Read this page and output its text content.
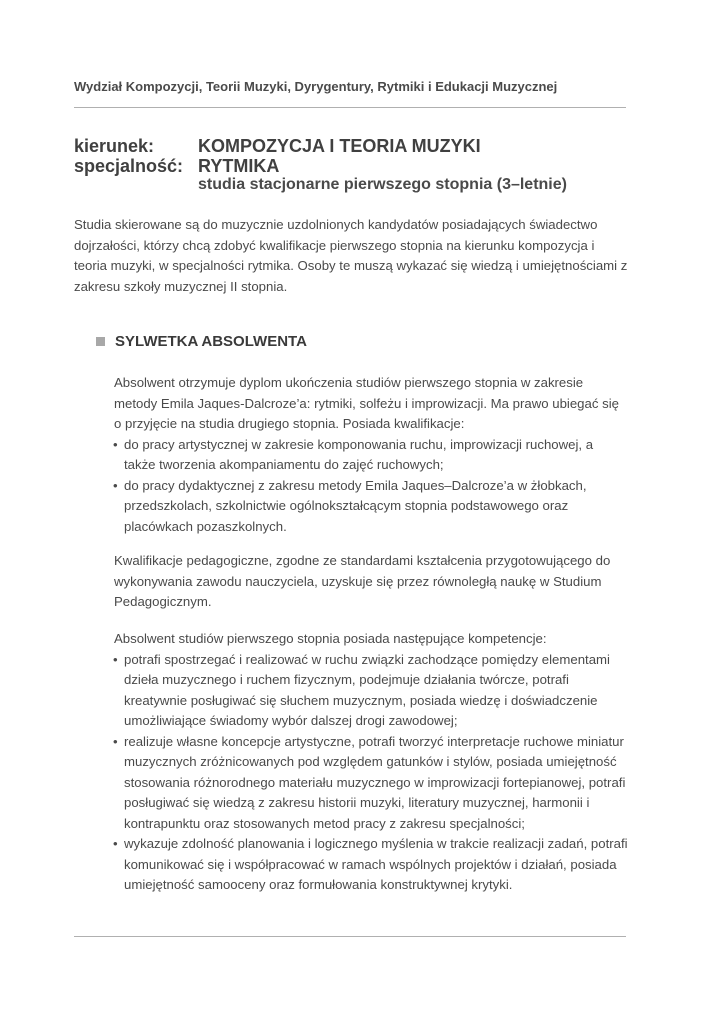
Wydział Kompozycji, Teorii Muzyki, Dyrygentury, Rytmiki i Edukacji Muzycznej
kierunek: KOMPOZYCJA I TEORIA MUZYKI
specjalność: RYTMIKA
studia stacjonarne pierwszego stopnia (3–letnie)
Studia skierowane są do muzycznie uzdolnionych kandydatów posiadających świadectwo dojrzałości, którzy chcą zdobyć kwalifikacje pierwszego stopnia na kierunku kompozycja i teoria muzyki, w specjalności rytmika. Osoby te muszą wykazać się wiedzą i umiejętnościami z zakresu szkoły muzycznej II stopnia.
SYLWETKA ABSOLWENTA

Absolwent otrzymuje dyplom ukończenia studiów pierwszego stopnia w zakresie metody Emila Jaques-Dalcroze’a: rytmiki, solfeżu i improwizacji. Ma prawo ubiegać się o przyjęcie na studia drugiego stopnia. Posiada kwalifikacje:

• do pracy artystycznej w zakresie komponowania ruchu, improwizacji ruchowej, a także tworzenia akompaniamentu do zajęć ruchowych;
• do pracy dydaktycznej z zakresu metody Emila Jaques–Dalcroze’a w żłobkach, przedszkolach, szkolnictwie ogólnokształcącym stopnia podstawowego oraz placówkach pozaszkolnych.

Kwalifikacje pedagogiczne, zgodne ze standardami kształcenia przygotowującego do wykonywania zawodu nauczyciela, uzyskuje się przez równoległą naukę w Studium Pedagogicznym.

Absolwent studiów pierwszego stopnia posiada następujące kompetencje:

• potrafi spostrzegać i realizować w ruchu związki zachodzące pomiędzy elementami dzieła muzycznego i ruchem fizycznym, podejmuje działania twórcze, potrafi kreatywnie posługiwać się słuchem muzycznym, posiada wiedzę i doświadczenie umożliwiające świadomy wybór dalszej drogi zawodowej;
• realizuje własne koncepcje artystyczne, potrafi tworzyć interpretacje ruchowe miniatur muzycznych zróżnicowanych pod względem gatunków i stylów, posiada umiejętność stosowania różnorodnego materiału muzycznego w improwizacji fortepianowej, potrafi posługiwać się wiedzą z zakresu historii muzyki, literatury muzycznej, harmonii i kontrapunktu oraz stosowanych metod pracy z zakresu specjalności;
• wykazuje zdolność planowania i logicznego myślenia w trakcie realizacji zadań, potrafi komunikować się i współpracować w ramach wspólnych projektów i działań, posiada umiejętność samooceny oraz formułowania konstruktywnej krytyki.
